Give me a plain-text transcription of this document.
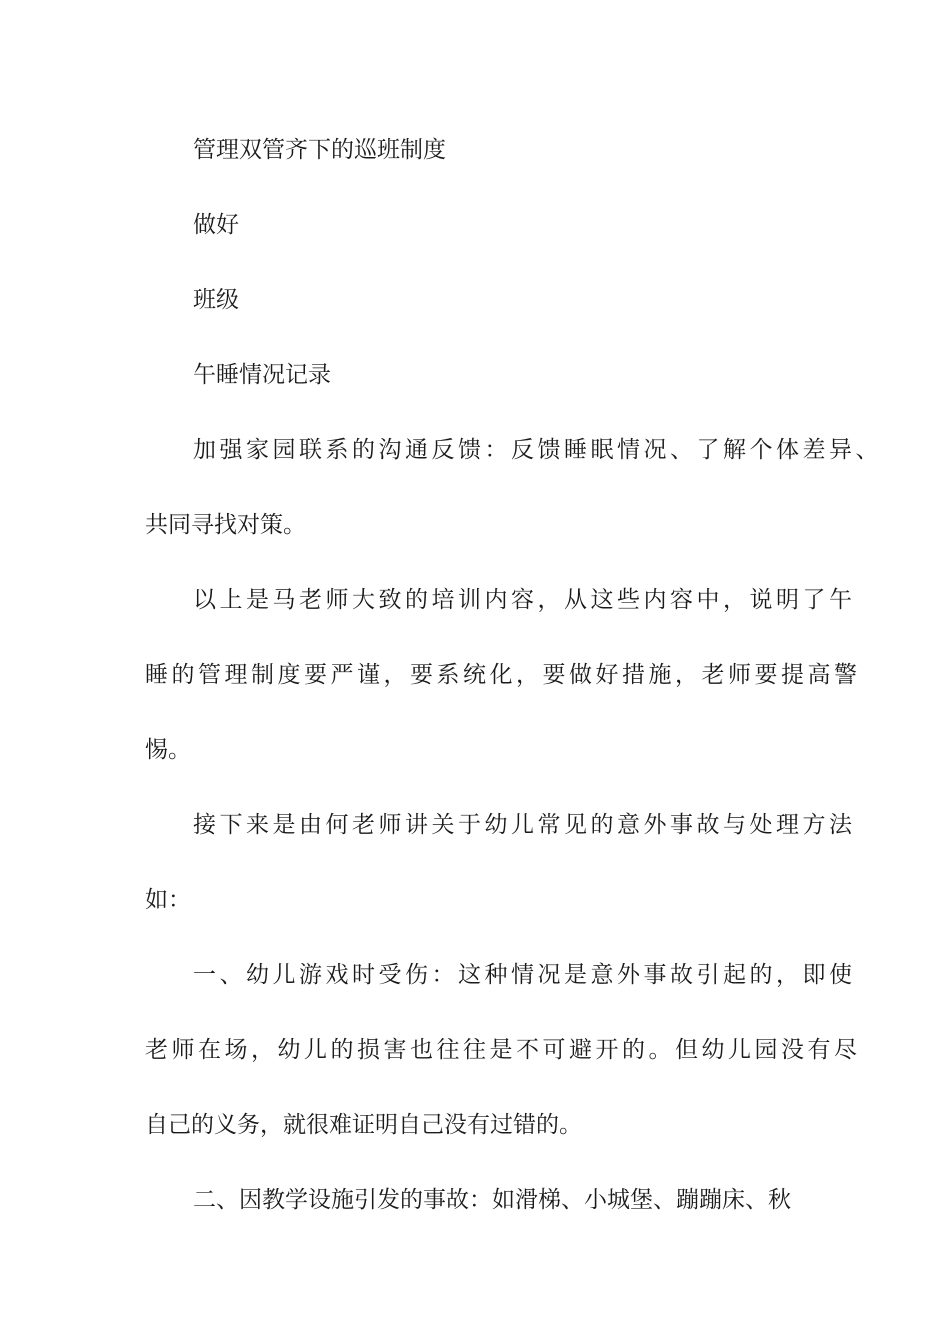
管理双管齐下的巡班制度
做好
班级
午睡情况记录
加强家园联系的沟通反馈：反馈睡眠情况、了解个体差异、
共同寻找对策。
以上是马老师大致的培训内容，从这些内容中，说明了午
睡的管理制度要严谨，要系统化，要做好措施，老师要提高警
惕。
接下来是由何老师讲关于幼儿常见的意外事故与处理方法
如：
一、幼儿游戏时受伤：这种情况是意外事故引起的，即使
老师在场，幼儿的损害也往往是不可避开的。但幼儿园没有尽
自己的义务，就很难证明自己没有过错的。
二、因教学设施引发的事故：如滑梯、小城堡、蹦蹦床、秋
